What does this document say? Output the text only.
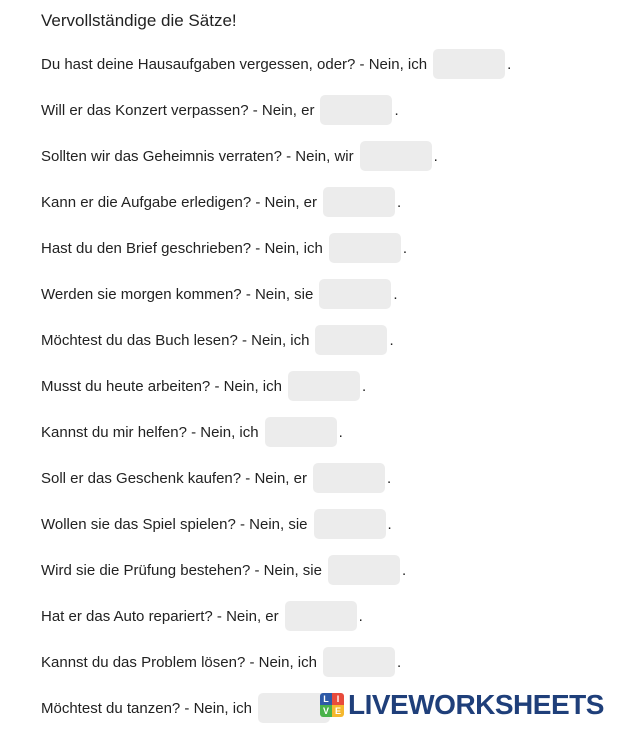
Vervollständige die Sätze!
Du hast deine Hausaufgaben vergessen, oder? - Nein, ich	.
Will er das Konzert verpassen? - Nein, er	.
Sollten wir das Geheimnis verraten? - Nein, wir	.
Kann er die Aufgabe erledigen? - Nein, er	.
Hast du den Brief geschrieben? - Nein, ich	.
Werden sie morgen kommen? - Nein, sie	.
Möchtest du das Buch lesen? - Nein, ich	.
Musst du heute arbeiten? - Nein, ich	.
Kannst du mir helfen? - Nein, ich	.
Soll er das Geschenk kaufen? - Nein, er	.
Wollen sie das Spiel spielen? - Nein, sie	.
Wird sie die Prüfung bestehen? - Nein, sie	.
Hat er das Auto repariert? - Nein, er	.
Kannst du das Problem lösen? - Nein, ich	.
Möchtest du tanzen? - Nein, ich
L I
V E LIVEWORKSHEETS
